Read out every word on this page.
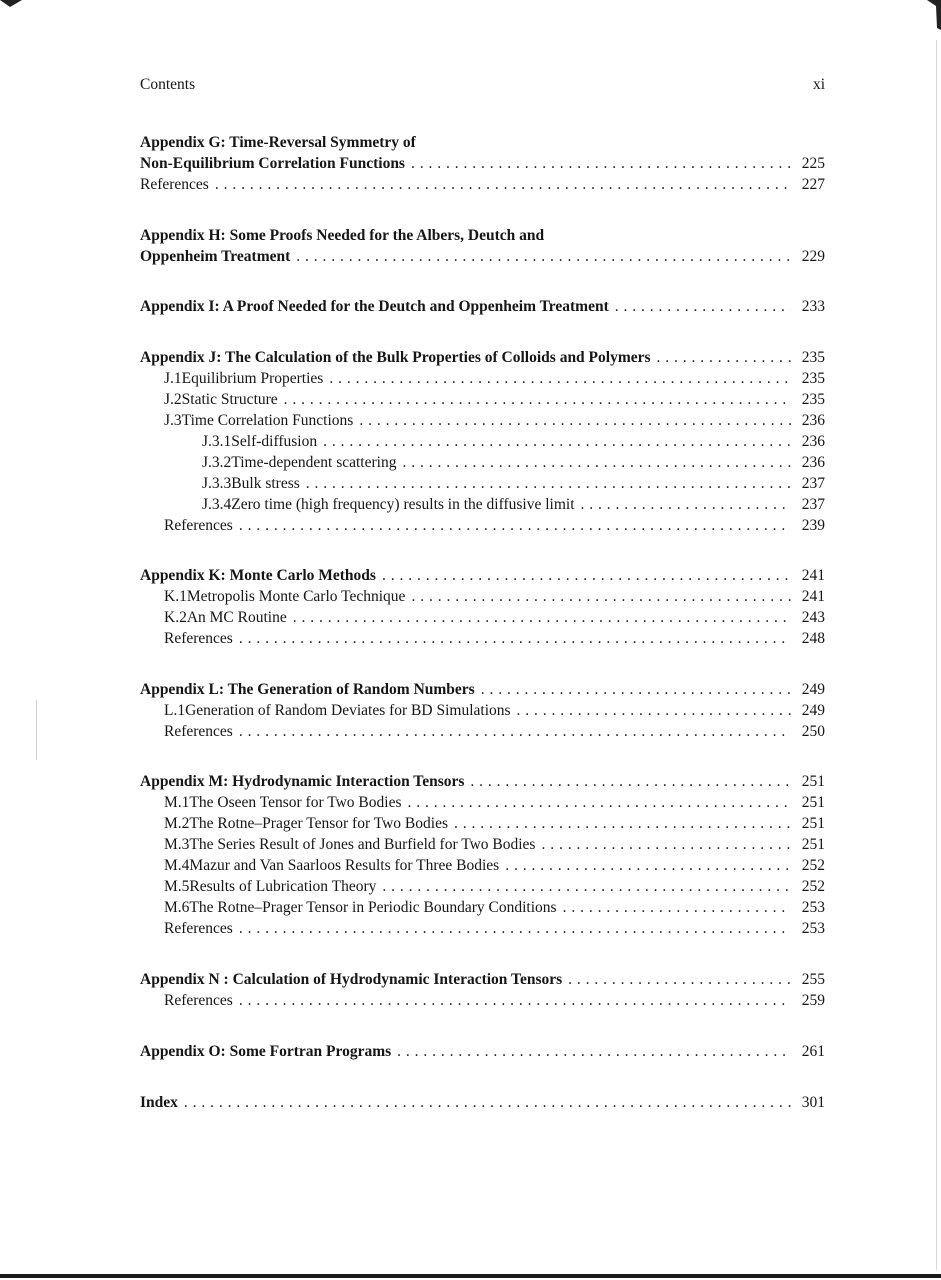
Contents	xi
Appendix G: Time-Reversal Symmetry of
Non-Equilibrium Correlation Functions . . .	225
References . . .	227
Appendix H: Some Proofs Needed for the Albers, Deutch and
Oppenheim Treatment . . .	229
Appendix I: A Proof Needed for the Deutch and Oppenheim Treatment . . .	233
Appendix J: The Calculation of the Bulk Properties of Colloids and Polymers . . .	235
J.1 Equilibrium Properties . . .	235
J.2 Static Structure . . .	235
J.3 Time Correlation Functions . . .	236
J.3.1 Self-diffusion . . .	236
J.3.2 Time-dependent scattering . . .	236
J.3.3 Bulk stress . . .	237
J.3.4 Zero time (high frequency) results in the diffusive limit . . .	237
References . . .	239
Appendix K: Monte Carlo Methods . . .	241
K.1 Metropolis Monte Carlo Technique . . .	241
K.2 An MC Routine . . .	243
References . . .	248
Appendix L: The Generation of Random Numbers . . .	249
L.1 Generation of Random Deviates for BD Simulations . . .	249
References . . .	250
Appendix M: Hydrodynamic Interaction Tensors . . .	251
M.1 The Oseen Tensor for Two Bodies . . .	251
M.2 The Rotne–Prager Tensor for Two Bodies . . .	251
M.3 The Series Result of Jones and Burfield for Two Bodies . . .	251
M.4 Mazur and Van Saarloos Results for Three Bodies . . .	252
M.5 Results of Lubrication Theory . . .	252
M.6 The Rotne–Prager Tensor in Periodic Boundary Conditions . . .	253
References . . .	253
Appendix N : Calculation of Hydrodynamic Interaction Tensors . . .	255
References . . .	259
Appendix O: Some Fortran Programs . . .	261
Index . . .	301
